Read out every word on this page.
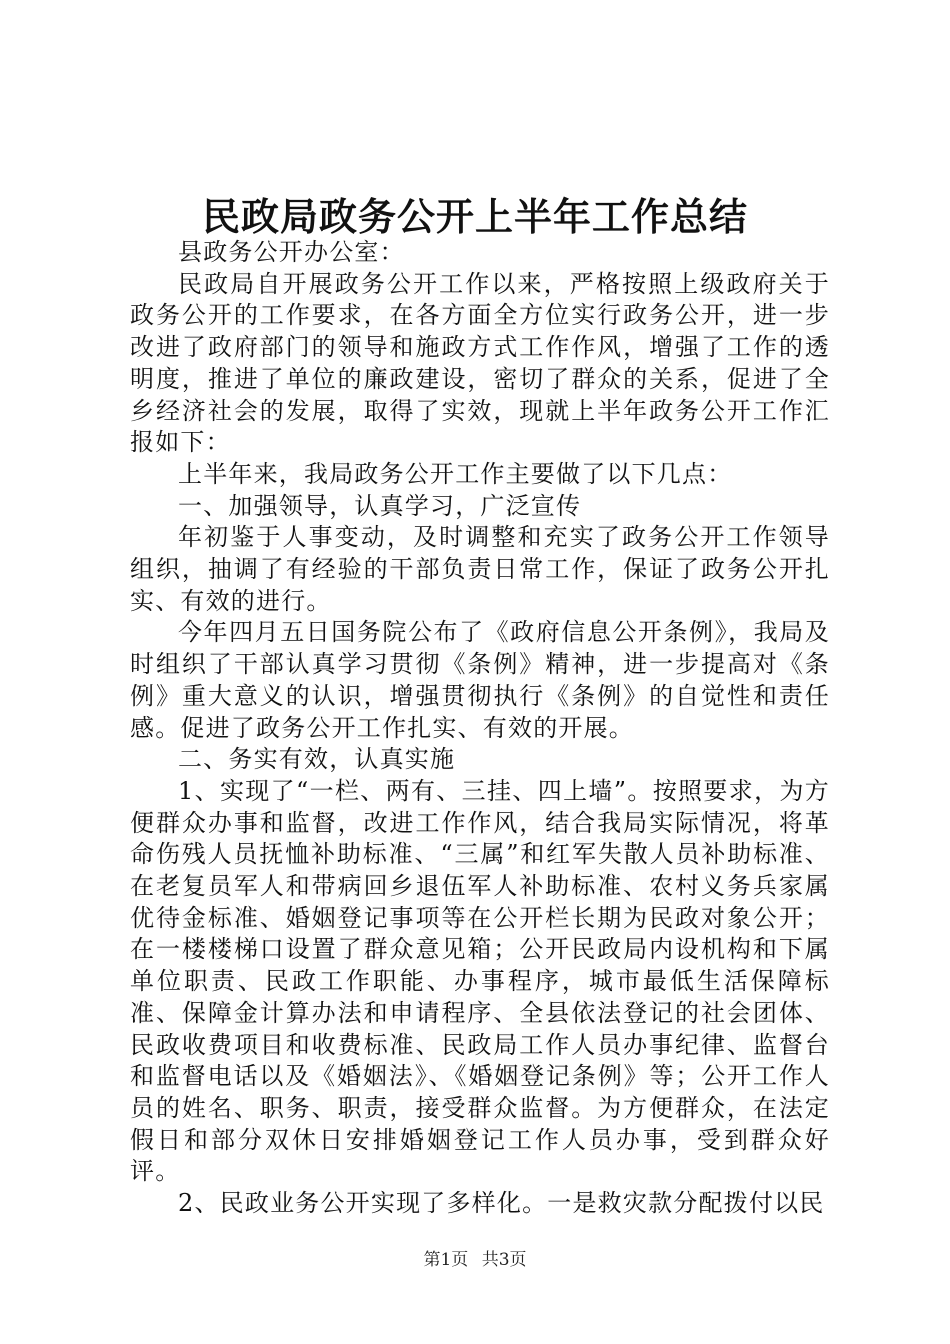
民政局政务公开上半年工作总结

县政务公开办公室：

民政局自开展政务公开工作以来，严格按照上级政府关于政务公开的工作要求，在各方面全方位实行政务公开，进一步改进了政府部门的领导和施政方式工作作风，增强了工作的透明度，推进了单位的廉政建设，密切了群众的关系，促进了全乡经济社会的发展，取得了实效，现就上半年政务公开工作汇报如下：

上半年来，我局政务公开工作主要做了以下几点：

一、加强领导，认真学习，广泛宣传

年初鉴于人事变动，及时调整和充实了政务公开工作领导组织，抽调了有经验的干部负责日常工作，保证了政务公开扎实、有效的进行。

今年四月五日国务院公布了《政府信息公开条例》，我局及时组织了干部认真学习贯彻《条例》精神，进一步提高对《条例》重大意义的认识，增强贯彻执行《条例》的自觉性和责任感。促进了政务公开工作扎实、有效的开展。

二、务实有效，认真实施

1、实现了“一栏、两有、三挂、四上墙”。按照要求，为方便群众办事和监督，改进工作作风，结合我局实际情况，将革命伤残人员抚恤补助标准、“三属”和红军失散人员补助标准、在老复员军人和带病回乡退伍军人补助标准、农村义务兵家属优待金标准、婚姻登记事项等在公开栏长期为民政对象公开；在一楼楼梯口设置了群众意见箱；公开民政局内设机构和下属单位职责、民政工作职能、办事程序，城市最低生活保障标准、保障金计算办法和申请程序、全县依法登记的社会团体、民政收费项目和收费标准、民政局工作人员办事纪律、监督台和监督电话以及《婚姻法》、《婚姻登记条例》等；公开工作人员的姓名、职务、职责，接受群众监督。为方便群众，在法定假日和部分双休日安排婚姻登记工作人员办事，受到群众好评。

2、民政业务公开实现了多样化。一是救灾款分配拨付以民

第1页 共3页
